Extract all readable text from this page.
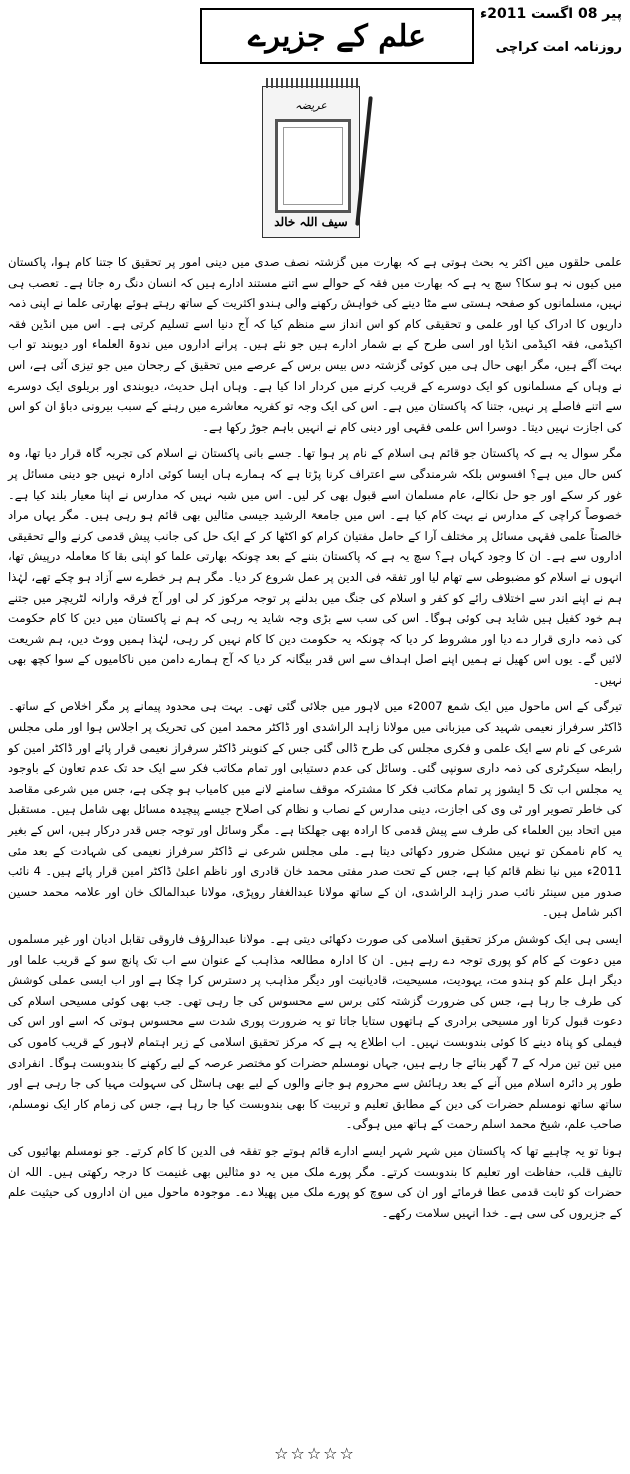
پیر 08 اگست 2011ء
روزنامہ امت کراچی
علم کے جزیرے
عریضہ
سیف اللہ خالد

علمی حلقوں میں اکثر یہ بحث ہوتی ہے کہ بھارت میں گزشتہ نصف صدی میں دینی امور پر تحقیق کا جتنا کام ہوا، پاکستان میں کیوں نہ ہو سکا؟ سچ یہ ہے کہ بھارت میں فقہ کے حوالے سے اتنے مستند ادارے ہیں کہ انسان دنگ رہ جاتا ہے۔ تعصب ہی نہیں، مسلمانوں کو صفحہ ہستی سے مٹا دینے کی خواہش رکھنے والی ہندو اکثریت کے ساتھ رہتے ہوئے بھارتی علما نے اپنی ذمہ داریوں کا ادراک کیا اور علمی و تحقیقی کام کو اس انداز سے منظم کیا کہ آج دنیا اسے تسلیم کرتی ہے۔ اس میں انڈین فقہ اکیڈمی، فقہ اکیڈمی انڈیا اور اسی طرح کے بے شمار ادارے ہیں جو نئے ہیں۔ پرانے اداروں میں ندوۃ العلماء اور دیوبند تو اب بہت آگے ہیں، مگر ابھی حال ہی میں کوئی گزشتہ دس بیس برس کے عرصے میں تحقیق کے رجحان میں جو تیزی آئی ہے، اس نے وہاں کے مسلمانوں کو ایک دوسرے کے قریب کرنے میں کردار ادا کیا ہے۔ وہاں اہل حدیث، دیوبندی اور بریلوی ایک دوسرے سے اتنے فاصلے پر نہیں، جتنا کہ پاکستان میں ہے۔ اس کی ایک وجہ تو کفریہ معاشرے میں رہنے کے سبب بیرونی دباؤ ان کو اس کی اجازت نہیں دیتا۔ دوسرا اس علمی فقہی اور دینی کام نے انہیں باہم جوڑ رکھا ہے۔

مگر سوال یہ ہے کہ پاکستان جو قائم ہی اسلام کے نام پر ہوا تھا۔ جسے بانی پاکستان نے اسلام کی تجربہ گاہ قرار دیا تھا، وہ کس حال میں ہے؟ افسوس بلکہ شرمندگی سے اعتراف کرنا پڑتا ہے کہ ہمارے ہاں ایسا کوئی ادارہ نہیں جو دینی مسائل پر غور کر سکے اور جو حل نکالے، عام مسلمان اسے قبول بھی کر لیں۔ اس میں شبہ نہیں کہ مدارس نے اپنا معیار بلند کیا ہے۔ خصوصاً کراچی کے مدارس نے بہت کام کیا ہے۔ اس میں جامعۃ الرشید جیسی مثالیں بھی قائم ہو رہی ہیں۔ مگر یہاں مراد خالصتاً علمی فقہی مسائل پر مختلف آرا کے حامل مفتیان کرام کو اکٹھا کر کے ایک حل کی جانب پیش قدمی کرنے والے تحقیقی اداروں سے ہے۔ ان کا وجود کہاں ہے؟ سچ یہ ہے کہ پاکستان بننے کے بعد چونکہ بھارتی علما کو اپنی بقا کا معاملہ درپیش تھا، انہوں نے اسلام کو مضبوطی سے تھام لیا اور تفقہ فی الدین پر عمل شروع کر دیا۔ مگر ہم ہر خطرے سے آزاد ہو چکے تھے، لہٰذا ہم نے اپنے اندر سے اختلاف رائے کو کفر و اسلام کی جنگ میں بدلنے پر توجہ مرکوز کر لی اور آج فرقہ وارانہ لٹریچر میں جتنے ہم خود کفیل ہیں شاید ہی کوئی ہوگا۔ اس کی سب سے بڑی وجہ شاید یہ رہی کہ ہم نے پاکستان میں دین کا کام حکومت کی ذمہ داری قرار دے دیا اور مشروط کر دیا کہ چونکہ یہ حکومت دین کا کام نہیں کر رہی، لہٰذا ہمیں ووٹ دیں، ہم شریعت لائیں گے۔ یوں اس کھیل نے ہمیں اپنے اصل اہداف سے اس قدر بیگانہ کر دیا کہ آج ہمارے دامن میں ناکامیوں کے سوا کچھ بھی نہیں۔

تیرگی کے اس ماحول میں ایک شمع 2007ء میں لاہور میں جلائی گئی تھی۔ بہت ہی محدود پیمانے پر مگر اخلاص کے ساتھ۔ ڈاکٹر سرفراز نعیمی شہید کی میزبانی میں مولانا زاہد الراشدی اور ڈاکٹر محمد امین کی تحریک پر اجلاس ہوا اور ملی مجلس شرعی کے نام سے ایک علمی و فکری مجلس کی طرح ڈالی گئی جس کے کنوینر ڈاکٹر سرفراز نعیمی قرار پائے اور ڈاکٹر امین کو رابطہ سیکرٹری کی ذمہ داری سونپی گئی۔ وسائل کی عدم دستیابی اور تمام مکاتب فکر سے ایک حد تک عدم تعاون کے باوجود یہ مجلس اب تک 5 ایشوز پر تمام مکاتب فکر کا مشترکہ موقف سامنے لانے میں کامیاب ہو چکی ہے، جس میں شرعی مقاصد کی خاطر تصویر اور ٹی وی کی اجازت، دینی مدارس کے نصاب و نظام کی اصلاح جیسے پیچیدہ مسائل بھی شامل ہیں۔ مستقبل میں اتحاد بین العلماء کی طرف سے پیش قدمی کا ارادہ بھی جھلکتا ہے۔ مگر وسائل اور توجہ جس قدر درکار ہیں، اس کے بغیر یہ کام ناممکن تو نہیں مشکل ضرور دکھائی دیتا ہے۔ ملی مجلس شرعی نے ڈاکٹر سرفراز نعیمی کی شہادت کے بعد مئی 2011ء میں نیا نظم قائم کیا ہے، جس کے تحت صدر مفتی محمد خان قادری اور ناظم اعلیٰ ڈاکٹر امین قرار پائے ہیں۔ 4 نائب صدور میں سینئر نائب صدر زاہد الراشدی، ان کے ساتھ مولانا عبدالغفار روپڑی، مولانا عبدالمالک خان اور علامہ محمد حسین اکبر شامل ہیں۔

ایسی ہی ایک کوشش مرکز تحقیق اسلامی کی صورت دکھائی دیتی ہے۔ مولانا عبدالرؤف فاروقی تقابل ادیان اور غیر مسلموں میں دعوت کے کام کو پوری توجہ دے رہے ہیں۔ ان کا ادارہ مطالعہ مذاہب کے عنوان سے اب تک پانچ سو کے قریب علما اور دیگر اہل علم کو ہندو مت، یہودیت، مسیحیت، قادیانیت اور دیگر مذاہب پر دسترس کرا چکا ہے اور اب ایسی عملی کوشش کی طرف جا رہا ہے، جس کی ضرورت گزشتہ کئی برس سے محسوس کی جا رہی تھی۔ جب بھی کوئی مسیحی اسلام کی دعوت قبول کرتا اور مسیحی برادری کے ہاتھوں ستایا جاتا تو یہ ضرورت پوری شدت سے محسوس ہوتی کہ اسے اور اس کی فیملی کو پناہ دینے کا کوئی بندوبست نہیں۔ اب اطلاع یہ ہے کہ مرکز تحقیق اسلامی کے زیر اہتمام لاہور کے قریب کاموں کی میں تین تین مرلہ کے 7 گھر بنائے جا رہے ہیں، جہاں نومسلم حضرات کو مختصر عرصہ کے لیے رکھنے کا بندوبست ہوگا۔ انفرادی طور پر دائرہ اسلام میں آنے کے بعد رہائش سے محروم ہو جانے والوں کے لیے بھی ہاسٹل کی سہولت مہیا کی جا رہی ہے اور ساتھ ساتھ نومسلم حضرات کی دین کے مطابق تعلیم و تربیت کا بھی بندوبست کیا جا رہا ہے، جس کی زمام کار ایک نومسلم، صاحب علم، شیخ محمد اسلم رحمت کے ہاتھ میں ہوگی۔

ہونا تو یہ چاہیے تھا کہ پاکستان میں شہر شہر ایسے ادارے قائم ہوتے جو تفقہ فی الدین کا کام کرتے۔ جو نومسلم بھائیوں کی تالیف قلب، حفاظت اور تعلیم کا بندوبست کرتے۔ مگر پورے ملک میں یہ دو مثالیں بھی غنیمت کا درجہ رکھتی ہیں۔ اللہ ان حضرات کو ثابت قدمی عطا فرمائے اور ان کی سوچ کو پورے ملک میں پھیلا دے۔ موجودہ ماحول میں ان اداروں کی حیثیت علم کے جزیروں کی سی ہے۔ خدا انہیں سلامت رکھے۔

☆☆☆☆☆
